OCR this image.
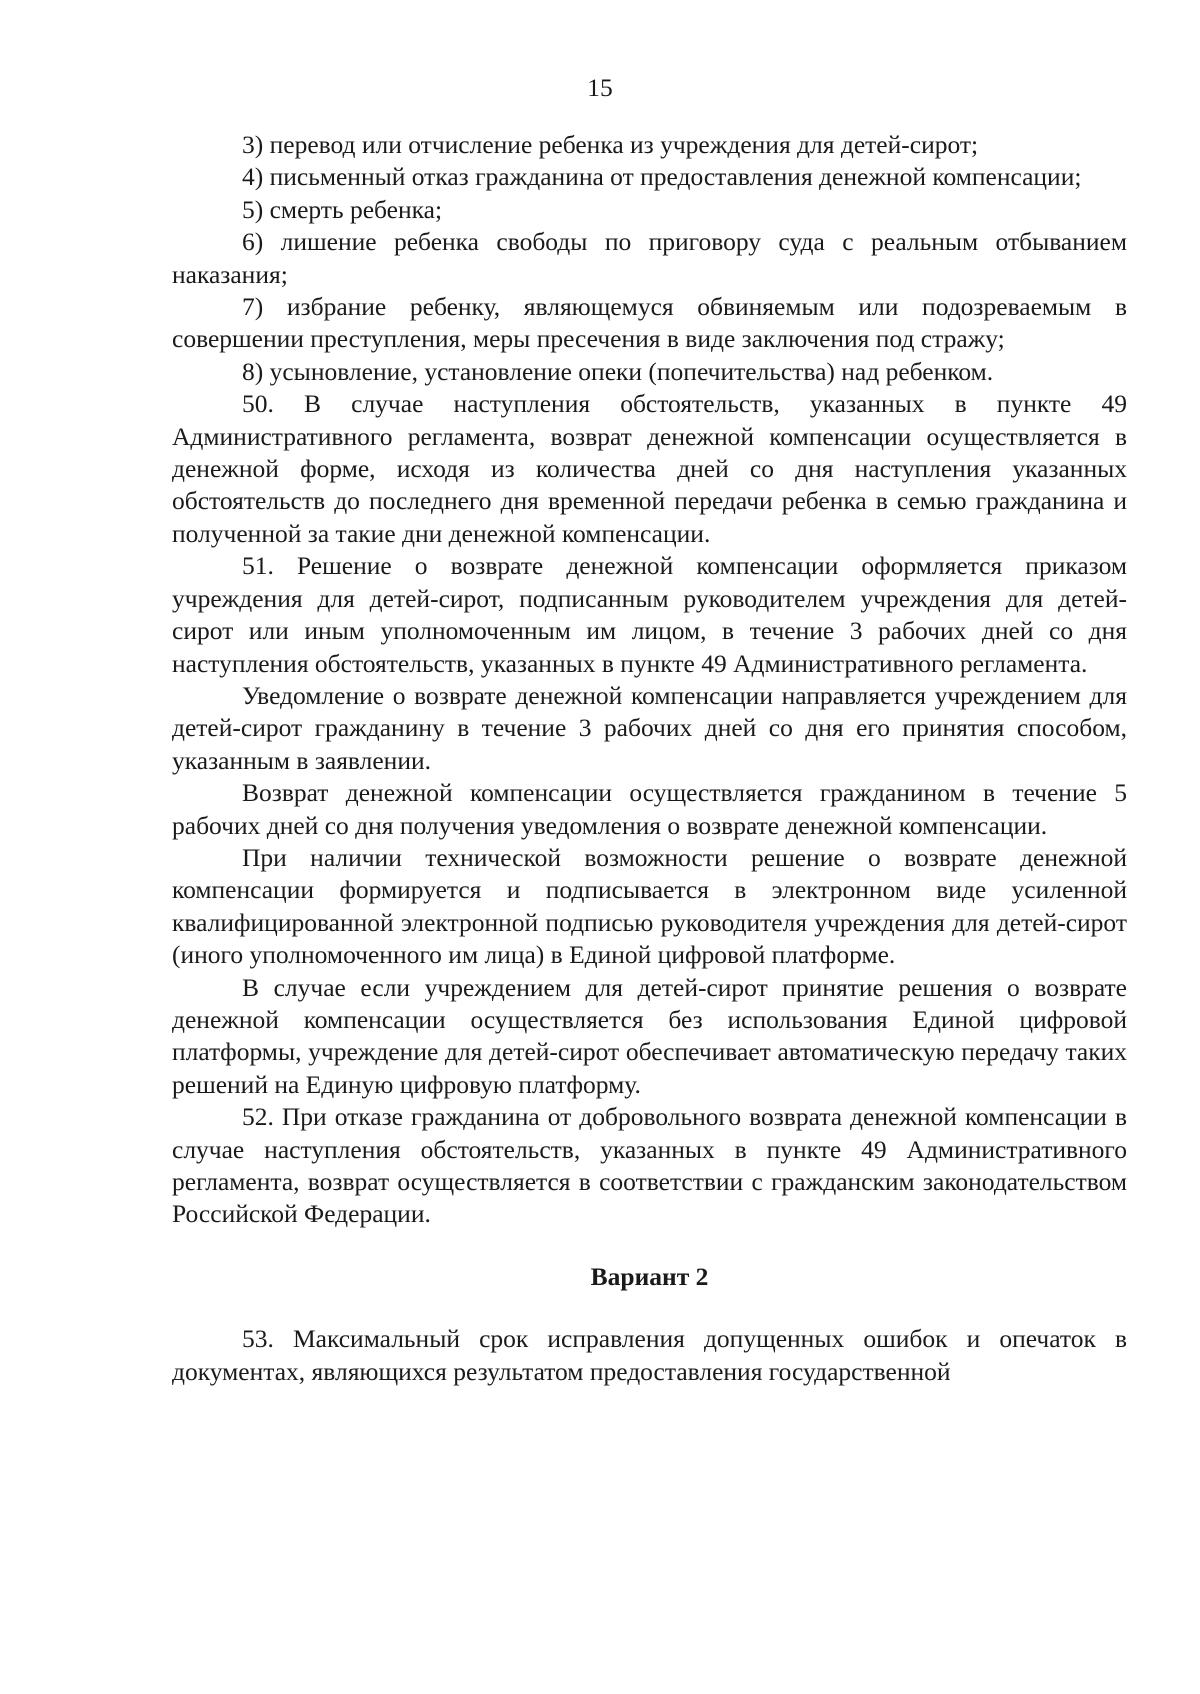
15

3) перевод или отчисление ребенка из учреждения для детей-сирот;

4) письменный отказ гражданина от предоставления денежной компенсации;

5) смерть ребенка;

6) лишение ребенка свободы по приговору суда с реальным отбыванием наказания;

7) избрание ребенку, являющемуся обвиняемым или подозреваемым в совершении преступления, меры пресечения в виде заключения под стражу;

8) усыновление, установление опеки (попечительства) над ребенком.

50. В случае наступления обстоятельств, указанных в пункте 49 Административного регламента, возврат денежной компенсации осуществляется в денежной форме, исходя из количества дней со дня наступления указанных обстоятельств до последнего дня временной передачи ребенка в семью гражданина и полученной за такие дни денежной компенсации.

51. Решение о возврате денежной компенсации оформляется приказом учреждения для детей-сирот, подписанным руководителем учреждения для детей-сирот или иным уполномоченным им лицом, в течение 3 рабочих дней со дня наступления обстоятельств, указанных в пункте 49 Административного регламента.

Уведомление о возврате денежной компенсации направляется учреждением для детей-сирот гражданину в течение 3 рабочих дней со дня его принятия способом, указанным в заявлении.

Возврат денежной компенсации осуществляется гражданином в течение 5 рабочих дней со дня получения уведомления о возврате денежной компенсации.

При наличии технической возможности решение о возврате денежной компенсации формируется и подписывается в электронном виде усиленной квалифицированной электронной подписью руководителя учреждения для детей-сирот (иного уполномоченного им лица) в Единой цифровой платформе.

В случае если учреждением для детей-сирот принятие решения о возврате денежной компенсации осуществляется без использования Единой цифровой платформы, учреждение для детей-сирот обеспечивает автоматическую передачу таких решений на Единую цифровую платформу.

52. При отказе гражданина от добровольного возврата денежной компенсации в случае наступления обстоятельств, указанных в пункте 49 Административного регламента, возврат осуществляется в соответствии с гражданским законодательством Российской Федерации.

Вариант 2

53. Максимальный срок исправления допущенных ошибок и опечаток в документах, являющихся результатом предоставления государственной
